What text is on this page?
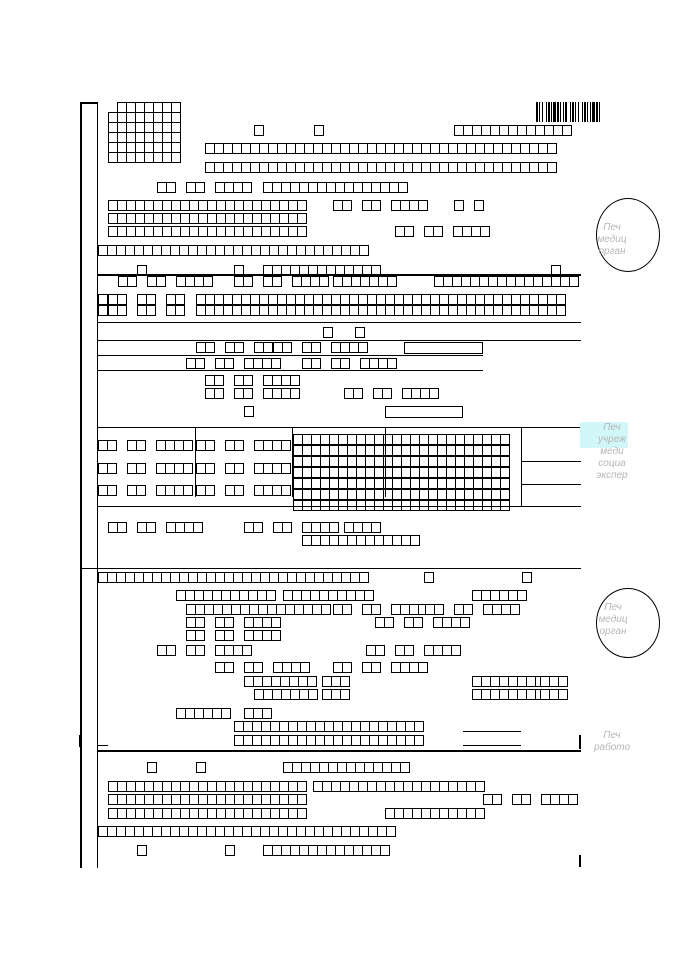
Печ
медиц
орган
Печ
учреж
меди
социа
экспер
Печ
медиц
орган
Печ
работо
